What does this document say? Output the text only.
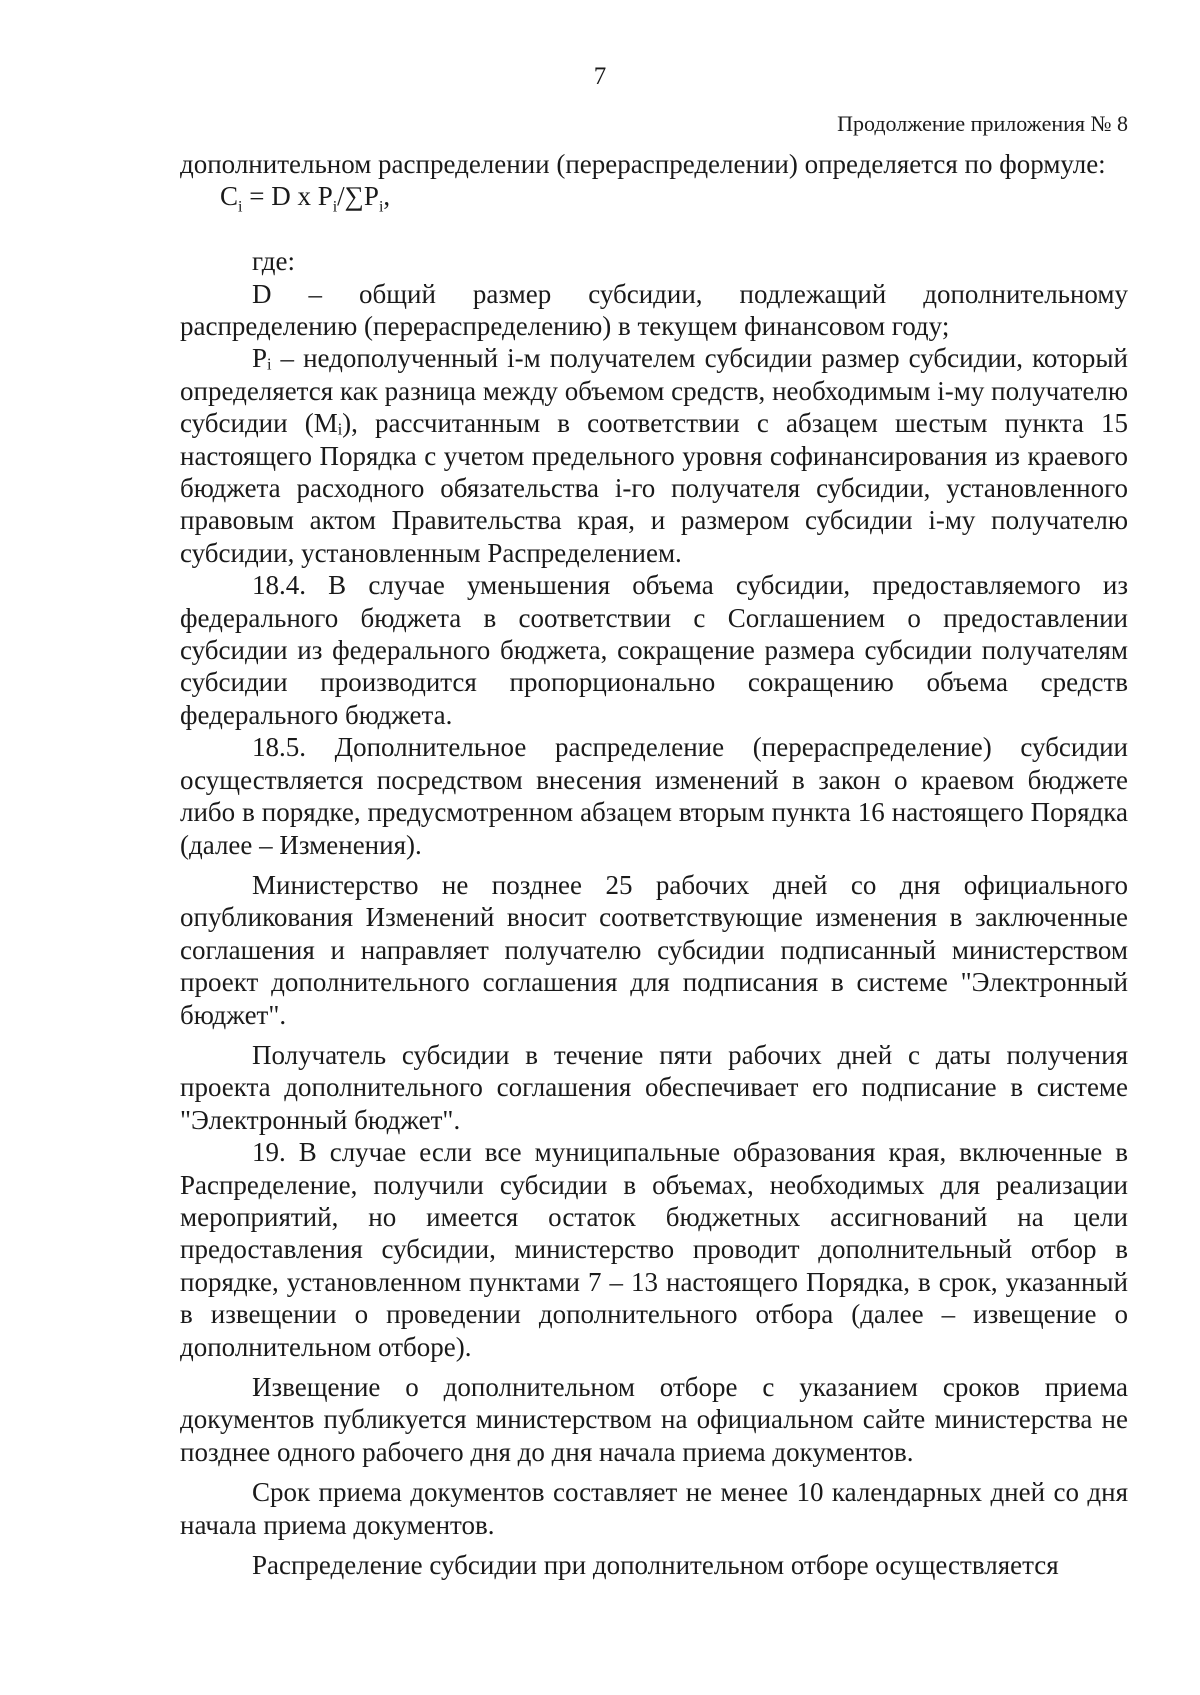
7
Продолжение приложения № 8

дополнительном распределении (перераспределении) определяется по формуле:

$C_i = D$ x $P_i/\sum P_i$,

где:

D – общий размер субсидии, подлежащий дополнительному распределению (перераспределению) в текущем финансовом году;

Pᵢ – недополученный i-м получателем субсидии размер субсидии, который определяется как разница между объемом средств, необходимым i-му получателю субсидии (Mᵢ), рассчитанным в соответствии с абзацем шестым пункта 15 настоящего Порядка с учетом предельного уровня софинансирования из краевого бюджета расходного обязательства i-го получателя субсидии, установленного правовым актом Правительства края, и размером субсидии i-му получателю субсидии, установленным Распределением.

18.4. В случае уменьшения объема субсидии, предоставляемого из федерального бюджета в соответствии с Соглашением о предоставлении субсидии из федерального бюджета, сокращение размера субсидии получателям субсидии производится пропорционально сокращению объема средств федерального бюджета.

18.5. Дополнительное распределение (перераспределение) субсидии осуществляется посредством внесения изменений в закон о краевом бюджете либо в порядке, предусмотренном абзацем вторым пункта 16 настоящего Порядка (далее – Изменения).

Министерство не позднее 25 рабочих дней со дня официального опубликования Изменений вносит соответствующие изменения в заключенные соглашения и направляет получателю субсидии подписанный министерством проект дополнительного соглашения для подписания в системе "Электронный бюджет".

Получатель субсидии в течение пяти рабочих дней с даты получения проекта дополнительного соглашения обеспечивает его подписание в системе "Электронный бюджет".

19. В случае если все муниципальные образования края, включенные в Распределение, получили субсидии в объемах, необходимых для реализации мероприятий, но имеется остаток бюджетных ассигнований на цели предоставления субсидии, министерство проводит дополнительный отбор в порядке, установленном пунктами 7 – 13 настоящего Порядка, в срок, указанный в извещении о проведении дополнительного отбора (далее – извещение о дополнительном отборе).

Извещение о дополнительном отборе с указанием сроков приема документов публикуется министерством на официальном сайте министерства не позднее одного рабочего дня до дня начала приема документов.

Срок приема документов составляет не менее 10 календарных дней со дня начала приема документов.

Распределение субсидии при дополнительном отборе осуществляется
